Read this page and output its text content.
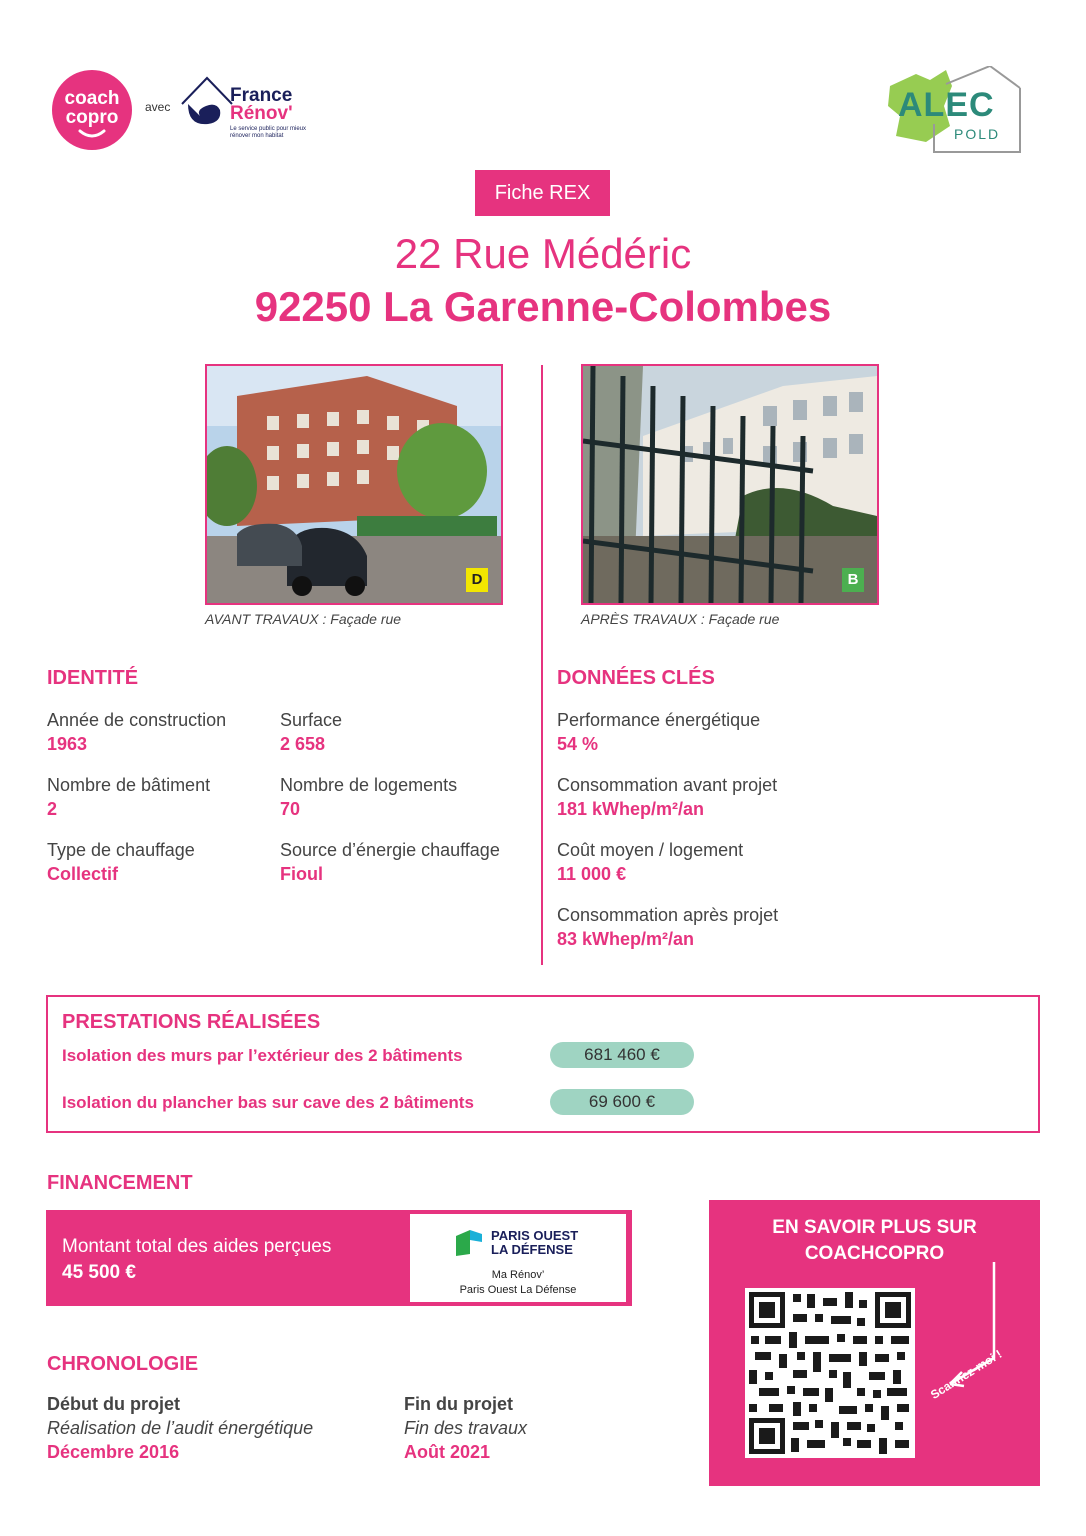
coach
copro	avec
France
Rénov'
Le service public pour mieux rénover mon habitat
ALEC
POLD
Fiche REX
22 Rue Médéric
92250 La Garenne-Colombes
D
AVANT TRAVAUX : Façade rue
B
APRÈS TRAVAUX : Façade rue
IDENTITÉ
Année de construction
1963
Surface
2 658
Nombre de bâtiment
2
Nombre de logements
70
Type de chauffage
Collectif
Source d’énergie chauffage
Fioul
DONNÉES CLÉS
Performance énergétique
54 %
Consommation avant projet
181 kWhep/m²/an
Coût moyen / logement
11 000 €
Consommation après projet
83 kWhep/m²/an
PRESTATIONS RÉALISÉES
Isolation des murs par l’extérieur des 2 bâtiments	681 460 €
Isolation du plancher bas sur cave des 2 bâtiments	69 600 €
FINANCEMENT
Montant total des aides perçues
45 500 €
PARIS OUEST
LA DÉFENSE
Ma Rénov’
Paris Ouest La Défense
EN SAVOIR PLUS SUR
COACHCOPRO
Scannez-moi !
CHRONOLOGIE
Début du projet
Réalisation de l’audit énergétique
Décembre 2016
Fin du projet
Fin des travaux
Août 2021
